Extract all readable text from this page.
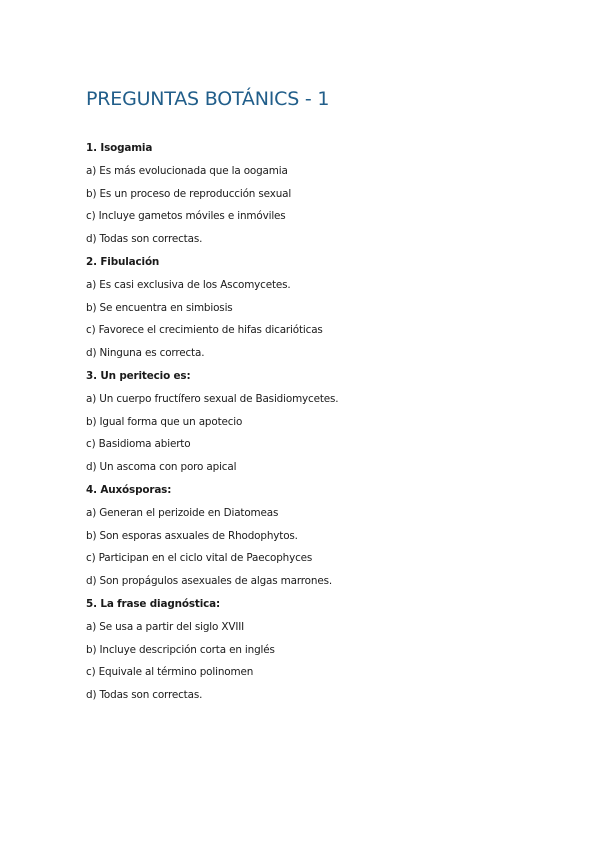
PREGUNTAS BOTÁNICS - 1
1. Isogamia
a) Es más evolucionada que la oogamia
b) Es un proceso de reproducción sexual
c) Incluye gametos móviles e inmóviles
d) Todas son correctas.
2. Fibulación
a) Es casi exclusiva de los Ascomycetes.
b) Se encuentra en simbiosis
c) Favorece el crecimiento de hifas dicarióticas
d) Ninguna es correcta.
3. Un peritecio es:
a) Un cuerpo fructífero sexual de Basidiomycetes.
b) Igual forma que un apotecio
c) Basidioma abierto
d) Un ascoma con poro apical
4. Auxósporas:
a) Generan el perizoide en Diatomeas
b) Son esporas asxuales de Rhodophytos.
c) Participan en el ciclo vital de Paecophyces
d) Son propágulos asexuales de algas marrones.
5. La frase diagnóstica:
a) Se usa a partir del siglo XVIII
b) Incluye descripción corta en inglés
c) Equivale al término polinomen
d) Todas son correctas.
